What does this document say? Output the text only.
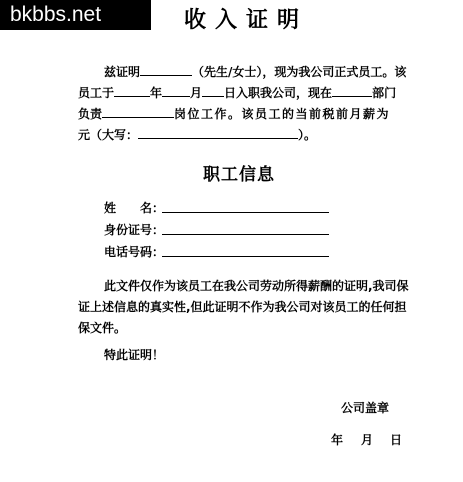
bkbbs.net	收入证明
兹证明	（先生/女士），现为我公司正式员工。该
员工于	年 月 日入职我公司，现在	部门
负责	岗位工作。该员工的当前税前月薪为
元（大写：	）。
职工信息
姓　　名：
身份证号：
电话号码：
此文件仅作为该员工在我公司劳动所得薪酬的证明,我司保
证上述信息的真实性,但此证明不作为我公司对该员工的任何担
保文件。
特此证明！
公司盖章
年 月 日
